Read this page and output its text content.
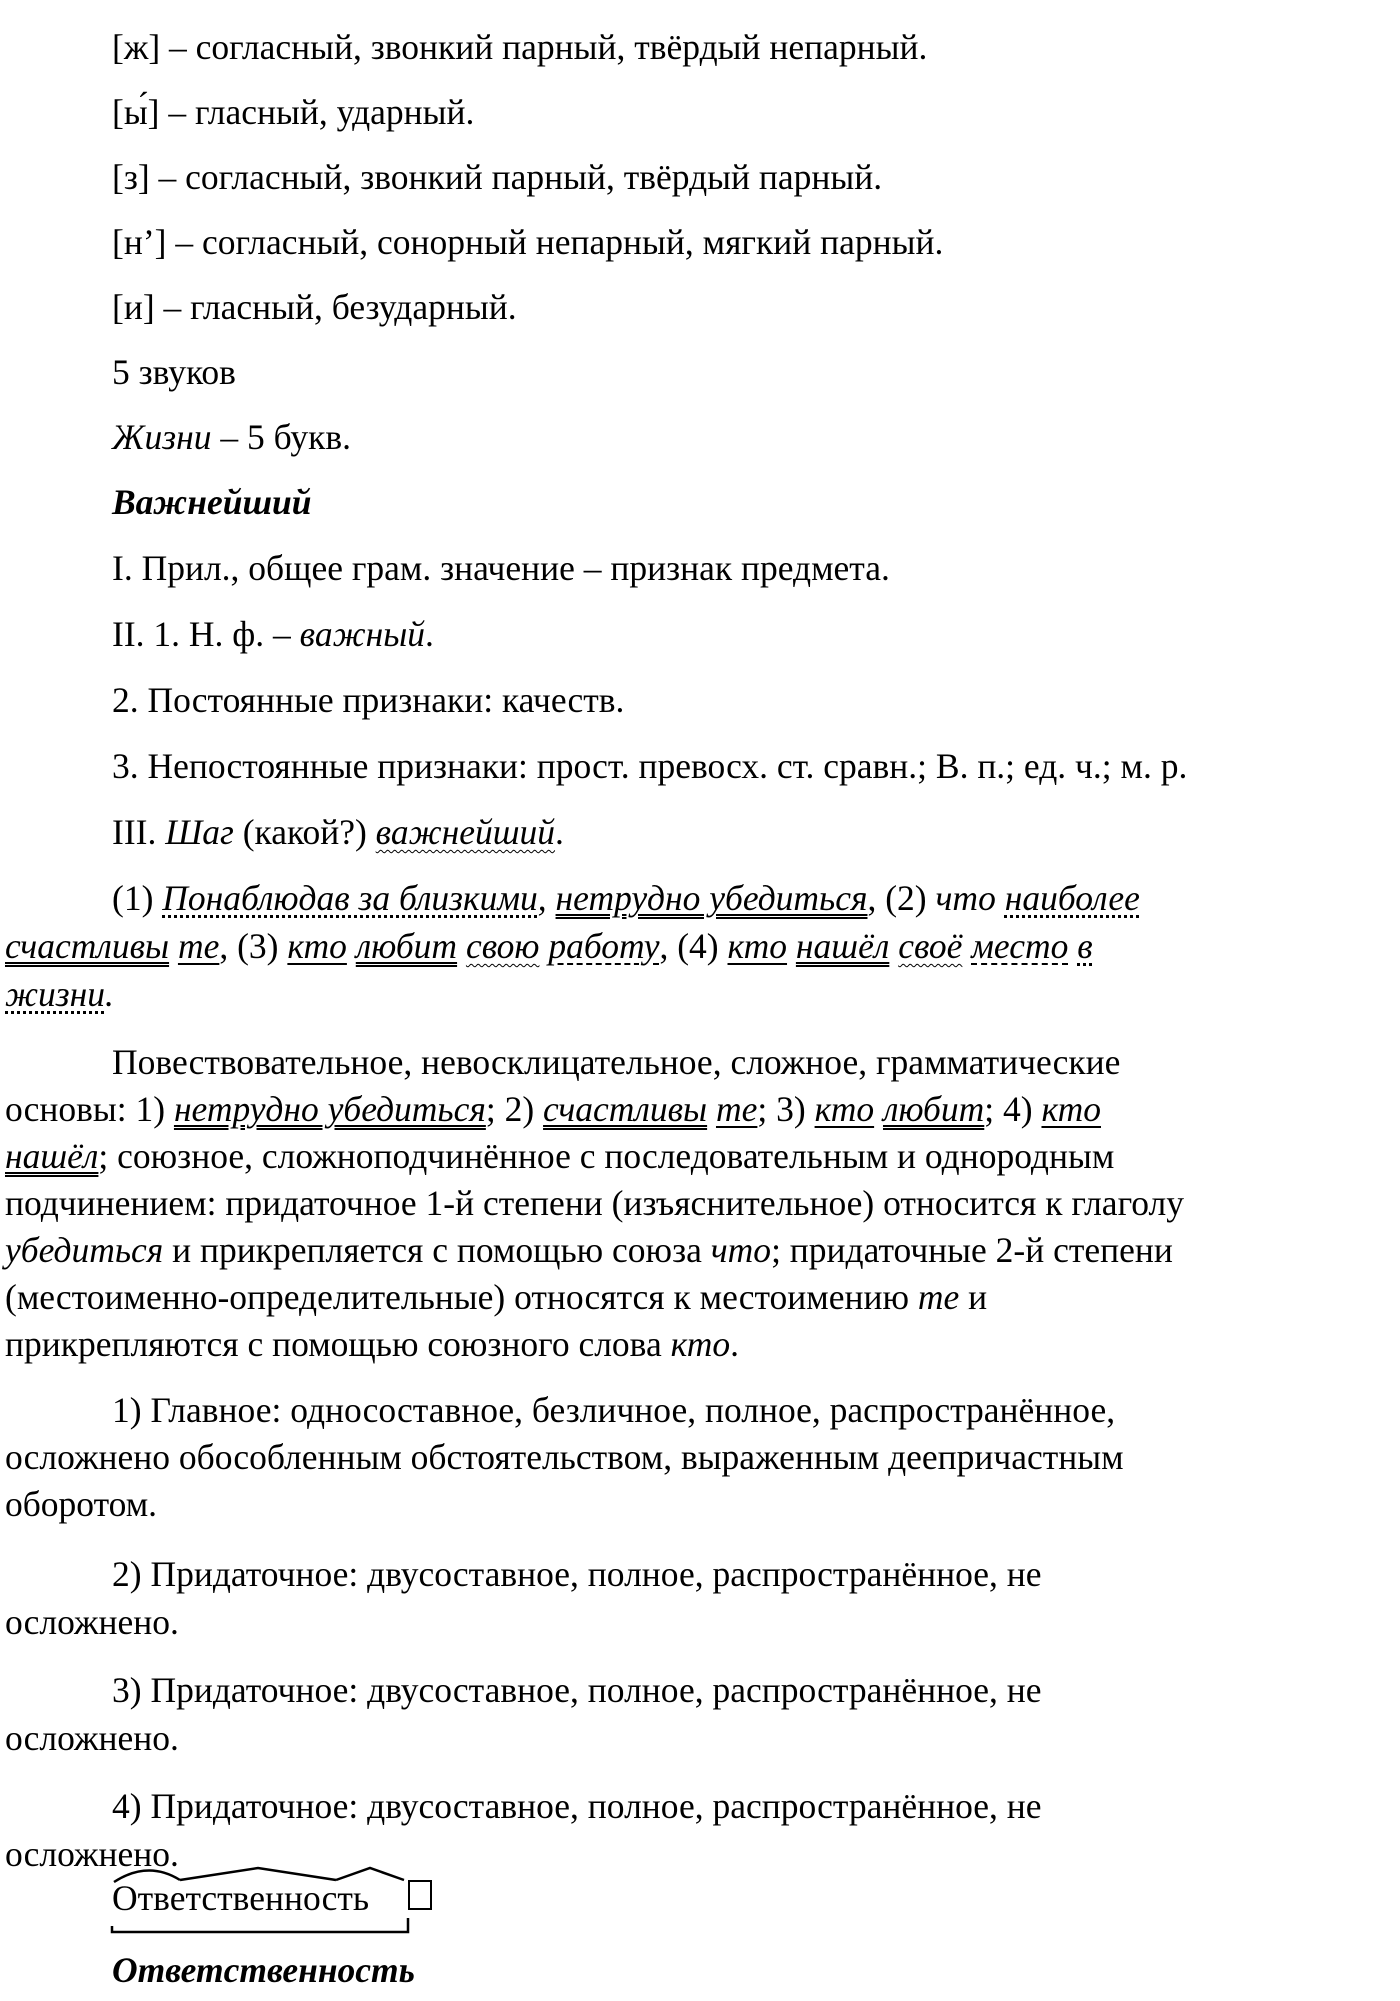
[ж] – согласный, звонкий парный, твёрдый непарный.
[ы́] – гласный, ударный.
[з] – согласный, звонкий парный, твёрдый парный.
[н’] – согласный, сонорный непарный, мягкий парный.
[и] – гласный, безударный.
5 звуков
Жизни – 5 букв.
Важнейший
I. Прил., общее грам. значение – признак предмета.
II. 1. Н. ф. – важный.
2. Постоянные признаки: качеств.
3. Непостоянные признаки: прост. превосх. ст. сравн.; В. п.; ед. ч.; м. р.
III. Шаг (какой?) важнейший.
(1) Понаблюдав за близкими, нетрудно убедиться, (2) что наиболее
счастливы те, (3) кто любит свою работу, (4) кто нашёл своё место в
жизни.
Повествовательное, невосклицательное, сложное, грамматические
основы: 1) нетрудно убедиться; 2) счастливы те; 3) кто любит; 4) кто
нашёл; союзное, сложноподчинённое с последовательным и однородным
подчинением: придаточное 1-й степени (изъяснительное) относится к глаголу
убедиться и прикрепляется с помощью союза что; придаточные 2-й степени
(местоименно-определительные) относятся к местоимению те и
прикрепляются с помощью союзного слова кто.
1) Главное: односоставное, безличное, полное, распространённое,
осложнено обособленным обстоятельством, выраженным деепричастным
оборотом.
2) Придаточное: двусоставное, полное, распространённое, не
осложнено.
3) Придаточное: двусоставное, полное, распространённое, не
осложнено.
4) Придаточное: двусоставное, полное, распространённое, не
осложнено.
Ответственность
Ответственность
